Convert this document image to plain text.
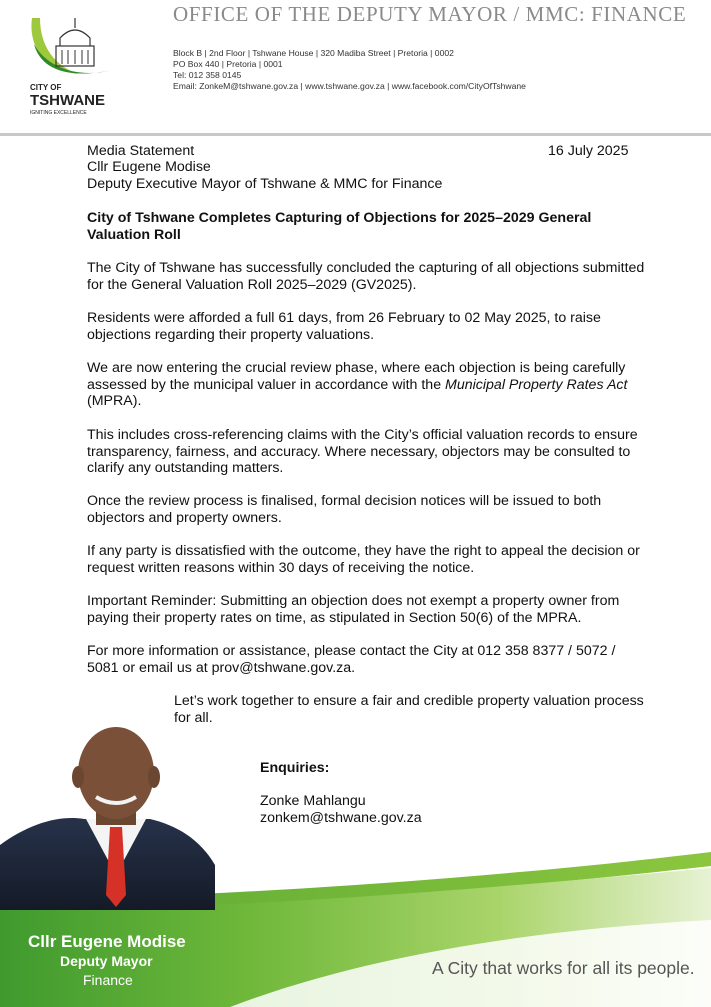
CITY OF
TSHWANE
IGNITING EXCELLENCE
OFFICE OF THE DEPUTY MAYOR / MMC: FINANCE
Block B | 2nd Floor | Tshwane House | 320 Madiba Street | Pretoria | 0002
PO Box 440 | Pretoria | 0001
Tel: 012 358 0145
Email: ZonkeM@tshwane.gov.za | www.tshwane.gov.za | www.facebook.com/CityOfTshwane
Media Statement	16 July 2025
Cllr Eugene Modise
Deputy Executive Mayor of Tshwane & MMC for Finance
City of Tshwane Completes Capturing of Objections for 2025–2029 General Valuation Roll
The City of Tshwane has successfully concluded the capturing of all objections submitted for the General Valuation Roll 2025–2029 (GV2025).
Residents were afforded a full 61 days, from 26 February to 02 May 2025, to raise objections regarding their property valuations.
We are now entering the crucial review phase, where each objection is being carefully assessed by the municipal valuer in accordance with the Municipal Property Rates Act (MPRA).
This includes cross-referencing claims with the City’s official valuation records to ensure transparency, fairness, and accuracy. Where necessary, objectors may be consulted to clarify any outstanding matters.
Once the review process is finalised, formal decision notices will be issued to both objectors and property owners.
If any party is dissatisfied with the outcome, they have the right to appeal the decision or request written reasons within 30 days of receiving the notice.
Important Reminder: Submitting an objection does not exempt a property owner from paying their property rates on time, as stipulated in Section 50(6) of the MPRA.
For more information or assistance, please contact the City at 012 358 8377 / 5072 / 5081 or email us at prov@tshwane.gov.za.
Let’s work together to ensure a fair and credible property valuation process for all.
Enquiries:
Zonke Mahlangu
zonkem@tshwane.gov.za
Cllr Eugene Modise
Deputy Mayor
Finance
A City that works for all its people.
